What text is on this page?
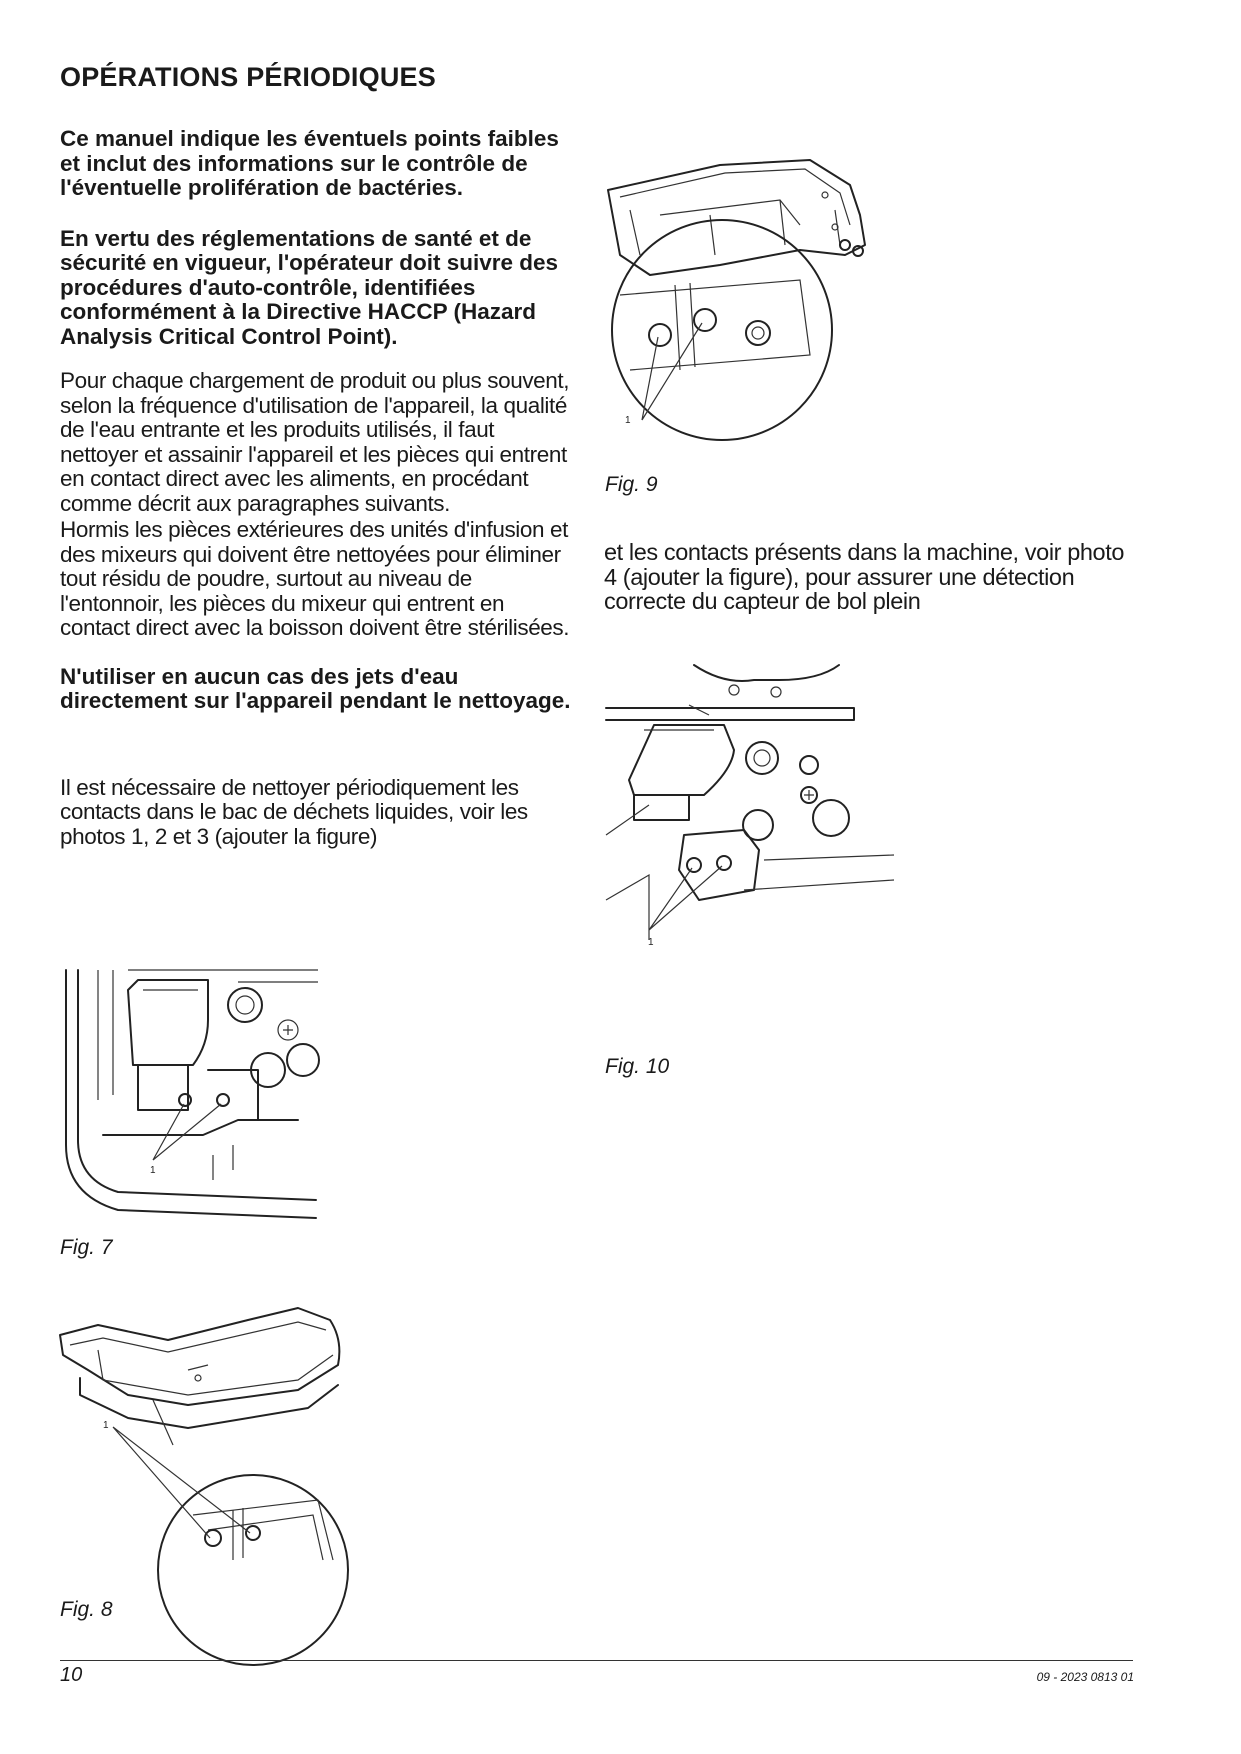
OPÉRATIONS PÉRIODIQUES

Ce manuel indique les éventuels points faibles et inclut des informations sur le contrôle de l'éventuelle prolifération de bactéries.

En vertu des réglementations de santé et de sécurité en vigueur, l'opérateur doit suivre des procédures d'auto-contrôle, identifiées conformément à la Directive HACCP (Hazard Analysis Critical Control Point).

Pour chaque chargement de produit ou plus souvent, selon la fréquence d'utilisation de l'appareil, la qualité de l'eau entrante et les produits utilisés, il faut nettoyer et assainir l'appareil et les pièces qui entrent en contact direct avec les aliments, en procédant comme décrit aux paragraphes suivants.

Hormis les pièces extérieures des unités d'infusion et des mixeurs qui doivent être nettoyées pour éliminer tout résidu de poudre, surtout au niveau de l'entonnoir, les pièces du mixeur qui entrent en contact direct avec la boisson doivent être stérilisées.

N'utiliser en aucun cas des jets d'eau directement sur l'appareil pendant le nettoyage.

Il est nécessaire de nettoyer périodiquement les contacts dans le bac de déchets liquides, voir les photos 1, 2 et 3 (ajouter la figure)

1
Fig. 7
1
Fig. 8
1
Fig. 9

et les contacts présents dans la machine, voir photo 4 (ajouter la figure), pour assurer une détection correcte du capteur de bol plein

1
Fig. 10
10	09 - 2023 0813 01
